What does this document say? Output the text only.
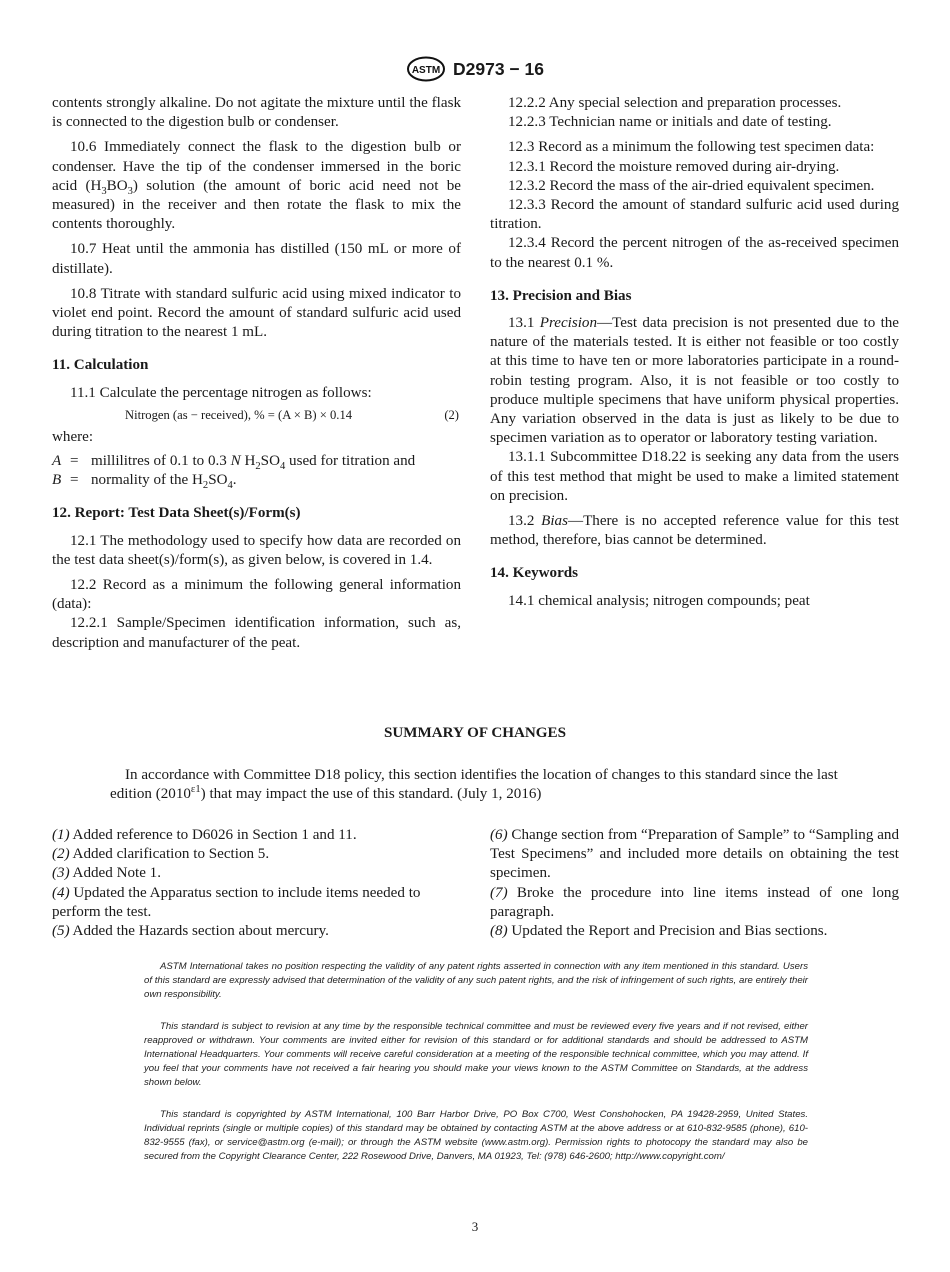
ASTM D2973 − 16

contents strongly alkaline. Do not agitate the mixture until the flask is connected to the digestion bulb or condenser.

10.6 Immediately connect the flask to the digestion bulb or condenser. Have the tip of the condenser immersed in the boric acid $(H_3BO_3)$ solution (the amount of boric acid need not be measured) in the receiver and then rotate the flask to mix the contents thoroughly.

10.7 Heat until the ammonia has distilled (150 mL or more of distillate).

10.8 Titrate with standard sulfuric acid using mixed indicator to violet end point. Record the amount of standard sulfuric acid used during titration to the nearest 1 mL.

11. Calculation

11.1 Calculate the percentage nitrogen as follows:

Nitrogen (as − received), % = (A × B) × 0.14	(2)

where:

A = millilitres of 0.1 to 0.3 N $H_2SO_4$ used for titration and
B = normality of the $H_2SO_4$.
12. Report: Test Data Sheet(s)/Form(s)

12.1 The methodology used to specify how data are recorded on the test data sheet(s)/form(s), as given below, is covered in 1.4.

12.2 Record as a minimum the following general information (data):

12.2.1 Sample/Specimen identification information, such as, description and manufacturer of the peat.

12.2.2 Any special selection and preparation processes.

12.2.3 Technician name or initials and date of testing.

12.3 Record as a minimum the following test specimen data:

12.3.1 Record the moisture removed during air-drying.

12.3.2 Record the mass of the air-dried equivalent specimen.

12.3.3 Record the amount of standard sulfuric acid used during titration.

12.3.4 Record the percent nitrogen of the as-received specimen to the nearest 0.1 %.

13. Precision and Bias

13.1 Precision—Test data precision is not presented due to the nature of the materials tested. It is either not feasible or too costly at this time to have ten or more laboratories participate in a round-robin testing program. Also, it is not feasible or too costly to produce multiple specimens that have uniform physical properties. Any variation observed in the data is just as likely to be due to specimen variation as to operator or laboratory testing variation.

13.1.1 Subcommittee D18.22 is seeking any data from the users of this test method that might be used to make a limited statement on precision.

13.2 Bias—There is no accepted reference value for this test method, therefore, bias cannot be determined.

14. Keywords

14.1 chemical analysis; nitrogen compounds; peat

SUMMARY OF CHANGES
In accordance with Committee D18 policy, this section identifies the location of changes to this standard since the last edition $(2010^{\varepsilon 1})$ that may impact the use of this standard. (July 1, 2016)

(1) Added reference to D6026 in Section 1 and 11.

(2) Added clarification to Section 5.

(3) Added Note 1.

(4) Updated the Apparatus section to include items needed to perform the test.

(5) Added the Hazards section about mercury.

(6) Change section from “Preparation of Sample” to “Sampling and Test Specimens” and included more details on obtaining the test specimen.

(7) Broke the procedure into line items instead of one long paragraph.

(8) Updated the Report and Precision and Bias sections.

ASTM International takes no position respecting the validity of any patent rights asserted in connection with any item mentioned in this standard. Users of this standard are expressly advised that determination of the validity of any such patent rights, and the risk of infringement of such rights, are entirely their own responsibility.

This standard is subject to revision at any time by the responsible technical committee and must be reviewed every five years and if not revised, either reapproved or withdrawn. Your comments are invited either for revision of this standard or for additional standards and should be addressed to ASTM International Headquarters. Your comments will receive careful consideration at a meeting of the responsible technical committee, which you may attend. If you feel that your comments have not received a fair hearing you should make your views known to the ASTM Committee on Standards, at the address shown below.

This standard is copyrighted by ASTM International, 100 Barr Harbor Drive, PO Box C700, West Conshohocken, PA 19428-2959, United States. Individual reprints (single or multiple copies) of this standard may be obtained by contacting ASTM at the above address or at 610-832-9585 (phone), 610-832-9555 (fax), or service@astm.org (e-mail); or through the ASTM website (www.astm.org). Permission rights to photocopy the standard may also be secured from the Copyright Clearance Center, 222 Rosewood Drive, Danvers, MA 01923, Tel: (978) 646-2600; http://www.copyright.com/

3
